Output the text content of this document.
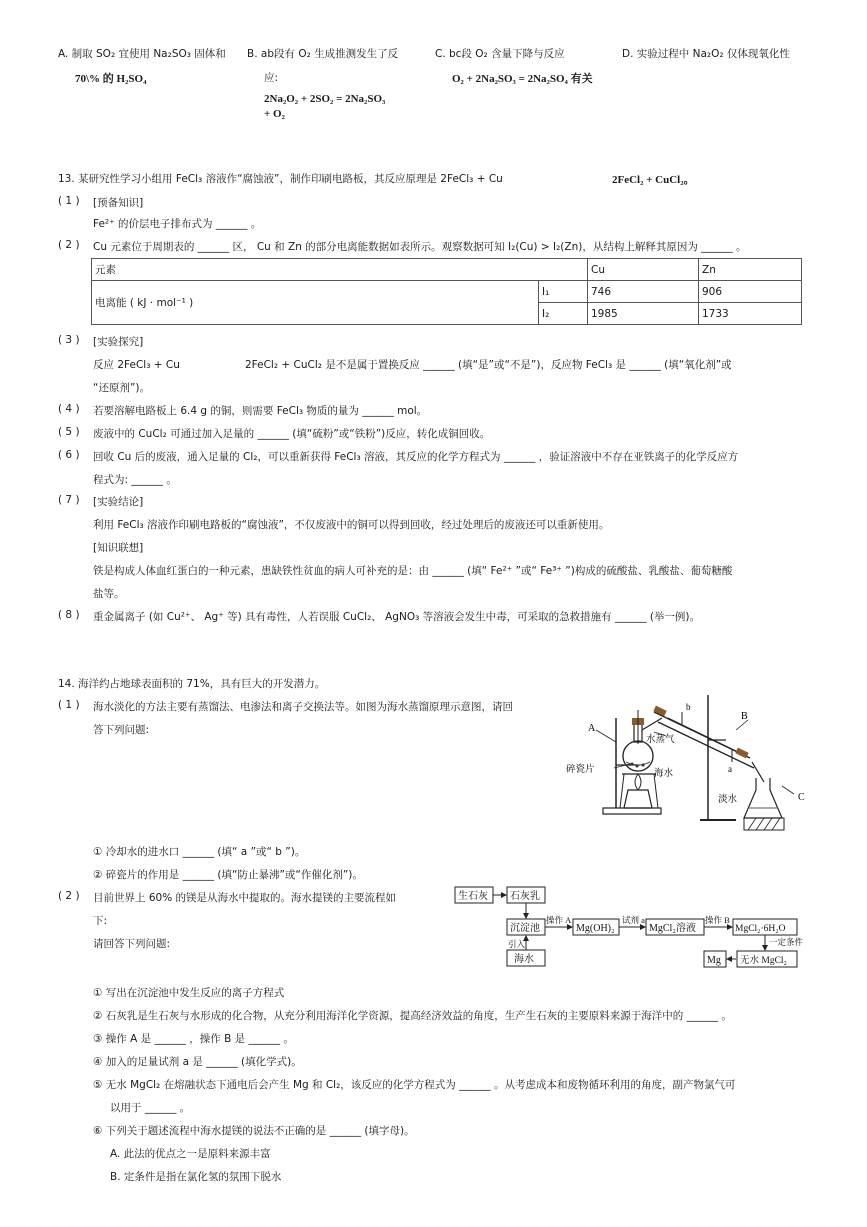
A. 制取 SO₂ 宜使用 Na₂SO₃ 固体和
70\% 的 H₂SO₄
B. ab段有 O₂ 生成推测发生了反
应:
2Na₂O₂ + 2SO₂ = 2Na₂SO₃
+ O₂
C. bc段 O₂ 含量下降与反应
O₂ + 2Na₂SO₃ = 2Na₂SO₄ 有关
D. 实验过程中 Na₂O₂ 仅体现氧化性
13. 某研究性学习小组用 FeCl₃ 溶液作“腐蚀液”，制作印刷电路板，其反应原理是 2FeCl₃ + Cu	2FeCl₂ + CuCl₂。
( 1 ) [预备知识]
Fe²⁺ 的价层电子排布式为 ______ 。
( 2 ) Cu 元素位于周期表的 ______ 区， Cu 和 Zn 的部分电离能数据如表所示。观察数据可知 I₂(Cu) > I₂(Zn)，从结构上解释其原因为 ______ 。
元素		Cu	Zn
电离能 ( kJ · mol⁻¹ )	I₁	746	906
	I₂	1985	1733
( 3 ) [实验探究]
反应 2FeCl₃ + Cu	2FeCl₂ + CuCl₂ 是不是属于置换反应 ______ (填“是”或“不是”)，反应物 FeCl₃ 是 ______ (填“氧化剂”或
“还原剂”)。
( 4 ) 若要溶解电路板上 6.4 g 的铜，则需要 FeCl₃ 物质的量为 ______ mol。
( 5 ) 废液中的 CuCl₂ 可通过加入足量的 ______ (填“硫粉”或“铁粉”)反应，转化成铜回收。
( 6 ) 回收 Cu 后的废液，通入足量的 Cl₂，可以重新获得 FeCl₃ 溶液，其反应的化学方程式为 ______ ，验证溶液中不存在亚铁离子的化学反应方
程式为: ______ 。
( 7 ) [实验结论]
利用 FeCl₃ 溶液作印刷电路板的“腐蚀液”，不仅废液中的铜可以得到回收，经过处理后的废液还可以重新使用。
[知识联想]
铁是构成人体血红蛋白的一种元素，患缺铁性贫血的病人可补充的是：由 ______ (填“ Fe²⁺ ”或“ Fe³⁺ ”)构成的硫酸盐、乳酸盐、葡萄糖酸
盐等。
( 8 ) 重金属离子 (如 Cu²⁺、 Ag⁺ 等) 具有毒性，人若误服 CuCl₂、 AgNO₃ 等溶液会发生中毒，可采取的急救措施有 ______ (举一例)。
14. 海洋约占地球表面积的 71%，具有巨大的开发潜力。
( 1 ) 海水淡化的方法主要有蒸馏法、电渗法和离子交换法等。如图为海水蒸馏原理示意图，请回
答下列问题:	A
B
C
a
b
水蒸气
碎瓷片	海水
淡水
① 冷却水的进水口 ______ (填“ a ”或“ b ”)。
② 碎瓷片的作用是 ______ (填“防止暴沸”或“作催化剂”)。
( 2 ) 目前世界上 60% 的镁是从海水中提取的。海水提镁的主要流程如
下:
请回答下列问题:
生石灰 石灰乳
沉淀池
操作 A
Mg(OH)₂
试剂 a
MgCl₂溶液
操作 B
MgCl₂·6H₂O
一定条件
海水
引入
Mg 无水 MgCl₂
① 写出在沉淀池中发生反应的离子方程式
② 石灰乳是生石灰与水形成的化合物，从充分利用海洋化学资源，提高经济效益的角度，生产生石灰的主要原料来源于海洋中的 ______ 。
③ 操作 A 是 ______ ，操作 B 是 ______ 。
④ 加入的足量试剂 a 是 ______ (填化学式)。
⑤ 无水 MgCl₂ 在熔融状态下通电后会产生 Mg 和 Cl₂，该反应的化学方程式为 ______ 。从考虑成本和废物循环利用的角度，副产物氯气可
以用于 ______ 。
⑥ 下列关于题述流程中海水提镁的说法不正确的是 ______ (填字母)。
A. 此法的优点之一是原料来源丰富
B. 定条件是指在氯化氢的氛围下脱水
